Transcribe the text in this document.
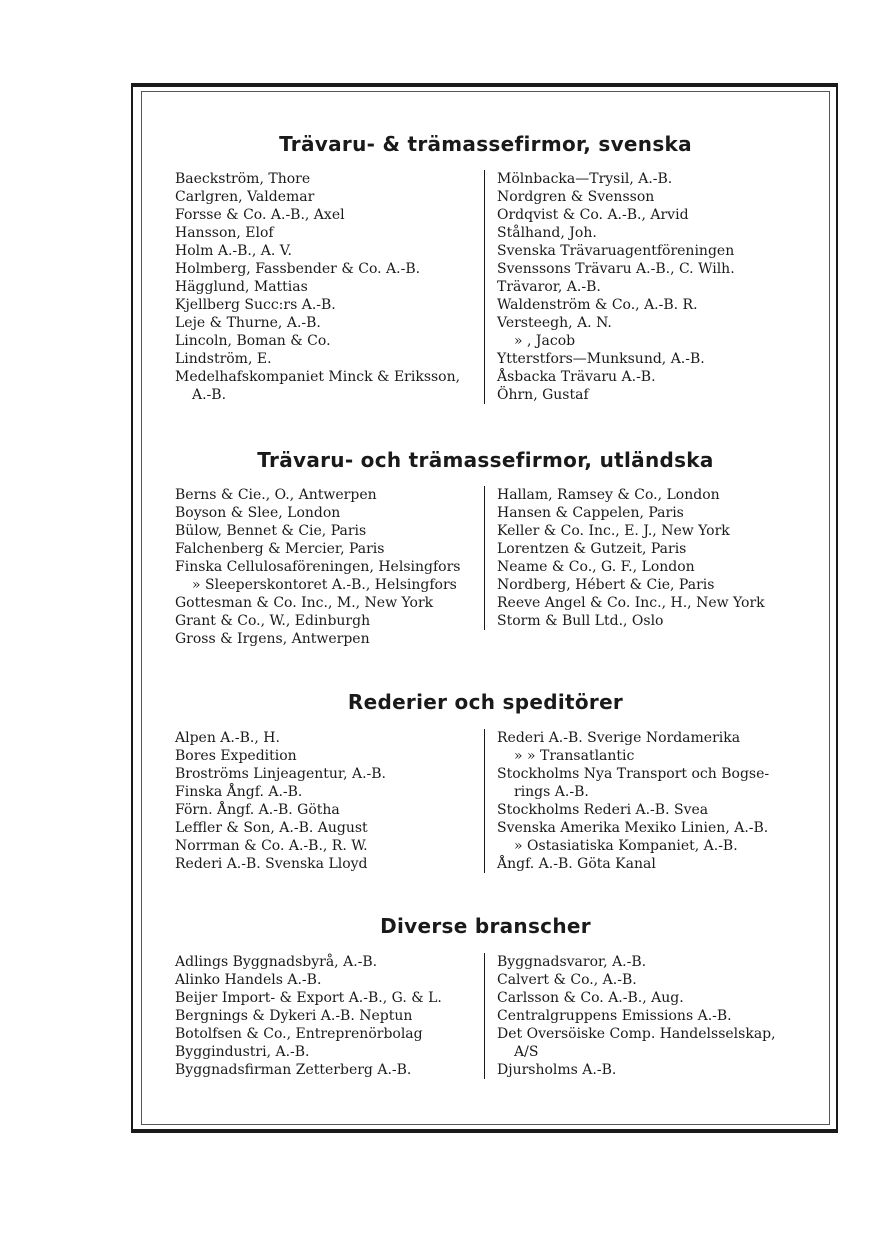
Trävaru- & trämassefirmor, svenska
Baeckström, Thore
Carlgren, Valdemar
Forsse & Co. A.-B., Axel
Hansson, Elof
Holm A.-B., A. V.
Holmberg, Fassbender & Co. A.-B.
Hägglund, Mattias
Kjellberg Succ:rs A.-B.
Leje & Thurne, A.-B.
Lincoln, Boman & Co.
Lindström, E.
Medelhafskompaniet Minck & Eriksson,
A.-B.
Mölnbacka—Trysil, A.-B.
Nordgren & Svensson
Ordqvist & Co. A.-B., Arvid
Stålhand, Joh.
Svenska Trävaruagentföreningen
Svenssons Trävaru A.-B., C. Wilh.
Trävaror, A.-B.
Waldenström & Co., A.-B. R.
Versteegh, A. N.
» , Jacob
Ytterstfors—Munksund, A.-B.
Åsbacka Trävaru A.-B.
Öhrn, Gustaf
Trävaru- och trämassefirmor, utländska
Berns & Cie., O., Antwerpen
Boyson & Slee, London
Bülow, Bennet & Cie, Paris
Falchenberg & Mercier, Paris
Finska Cellulosaföreningen, Helsingfors
» Sleeperskontoret A.-B., Helsingfors
Gottesman & Co. Inc., M., New York
Grant & Co., W., Edinburgh
Gross & Irgens, Antwerpen
Hallam, Ramsey & Co., London
Hansen & Cappelen, Paris
Keller & Co. Inc., E. J., New York
Lorentzen & Gutzeit, Paris
Neame & Co., G. F., London
Nordberg, Hébert & Cie, Paris
Reeve Angel & Co. Inc., H., New York
Storm & Bull Ltd., Oslo
Rederier och speditörer
Alpen A.-B., H.
Bores Expedition
Broströms Linjeagentur, A.-B.
Finska Ångf. A.-B.
Förn. Ångf. A.-B. Götha
Leffler & Son, A.-B. August
Norrman & Co. A.-B., R. W.
Rederi A.-B. Svenska Lloyd
Rederi A.-B. Sverige Nordamerika
» » Transatlantic
Stockholms Nya Transport och Bogse-
rings A.-B.
Stockholms Rederi A.-B. Svea
Svenska Amerika Mexiko Linien, A.-B.
» Ostasiatiska Kompaniet, A.-B.
Ångf. A.-B. Göta Kanal
Diverse branscher
Adlings Byggnadsbyrå, A.-B.
Alinko Handels A.-B.
Beijer Import- & Export A.-B., G. & L.
Bergnings & Dykeri A.-B. Neptun
Botolfsen & Co., Entreprenörbolag
Byggindustri, A.-B.
Byggnadsfirman Zetterberg A.-B.
Byggnadsvaror, A.-B.
Calvert & Co., A.-B.
Carlsson & Co. A.-B., Aug.
Centralgruppens Emissions A.-B.
Det Oversöiske Comp. Handelsselskap,
A/S
Djursholms A.-B.
